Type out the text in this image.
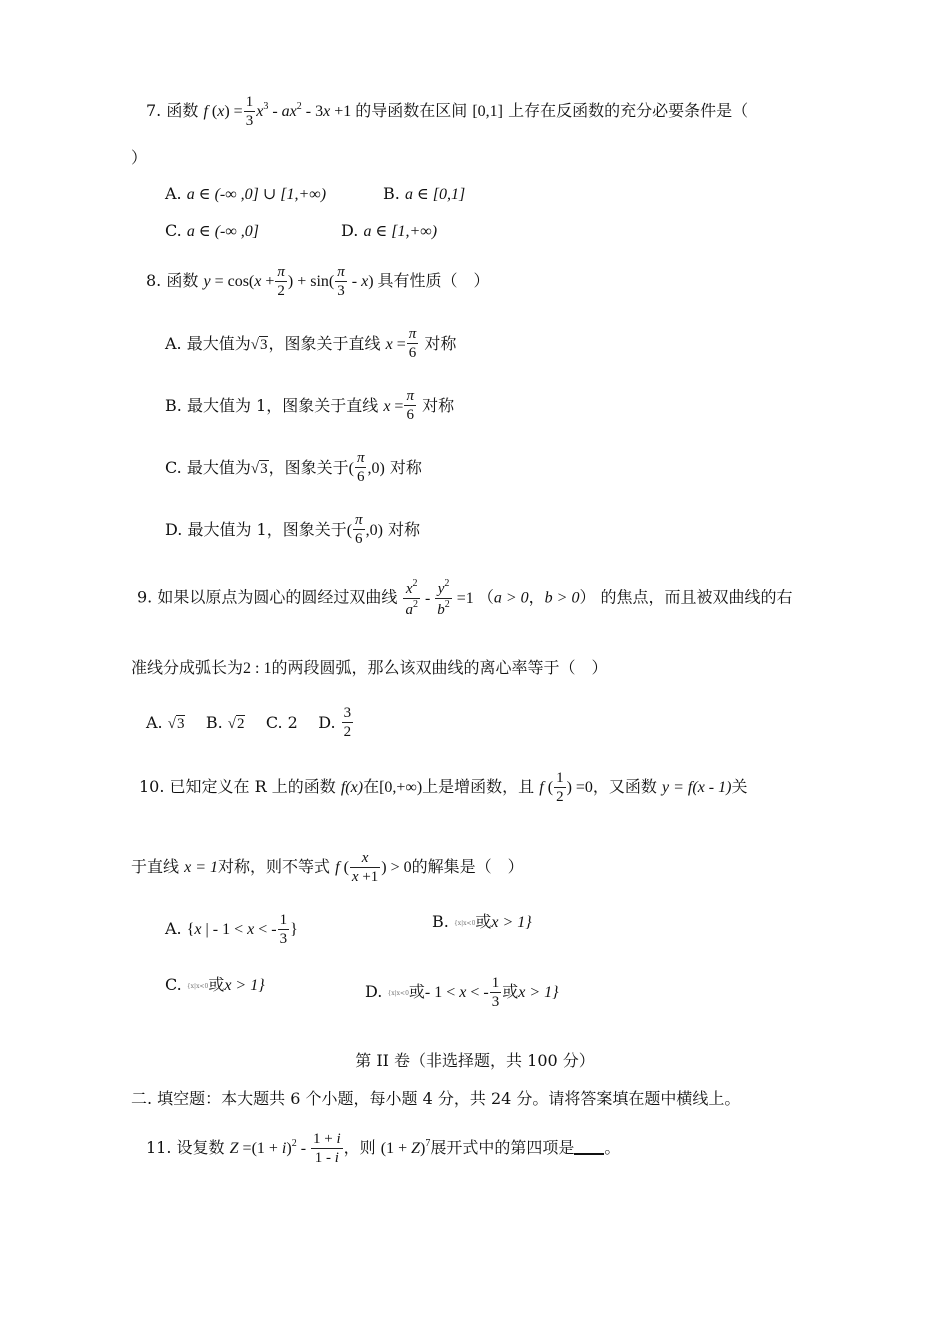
7. 函数 f $(x) = \frac{1}{3} x^3 - ax^2 - 3x +1$ 的导函数在区间 [0,1] 上存在反函数的充分必要条件是（
）
A. a ∈ (-∞ ,0] ∪ [1,+∞)	B. a ∈ [0,1]
C. a ∈ (-∞ ,0]	D. a ∈ [1,+∞)
8. 函数 $y = \cos(x + \frac{\pi}{2}$ ) + $\sin( \frac{\pi}{3} - x)$ 具有性质（　）
A. 最大值为√3，图象关于直线 $x = \frac{\pi}{6}$ 对称
B. 最大值为 1，图象关于直线 $x = \frac{\pi}{6}$ 对称
C. 最大值为√3，图象关于( $\frac{\pi}{6} ,0$) 对称
D. 最大值为 1，图象关于( $\frac{\pi}{6} ,0$) 对称
9. 如果以原点为圆心的圆经过双曲线 $\frac{x^2}{a^2} - \frac{y^2}{b^2} =1$ （a > 0，b > 0） 的焦点，而且被双曲线的右
准线分成弧长为2 : 1的两段圆弧，那么该双曲线的离心率等于（　）
A. √3 B. √2 C. 2 D. $\frac{3}{2}$
10. 已知定义在 R 上的函数 f(x)在[0,+∞)上是增函数，且 f ( $\frac{1}{2}$ ) =0，又函数 y = f(x - 1)关
于直线 x = 1对称，则不等式 f ( $\frac{x}{x +1}$ ) > 0的解集是（　）
A. {x | - 1 < x < - $\frac{1}{3}$ }	B. {x|x<0或x > 1}
C. {x|x<0或x > 1}	D. {x|x<0或- 1 < x < - $\frac{1}{3}$ 或x > 1}
第 II 卷（非选择题，共 100 分）
二. 填空题：本大题共 6 个小题，每小题 4 分，共 24 分。请将答案填在题中横线上。
11. 设复数 $Z =(1 + i)^2 - \frac{1 + i}{1 - i}$ ，则 $(1 + Z)^7$展开式中的第四项是 。
